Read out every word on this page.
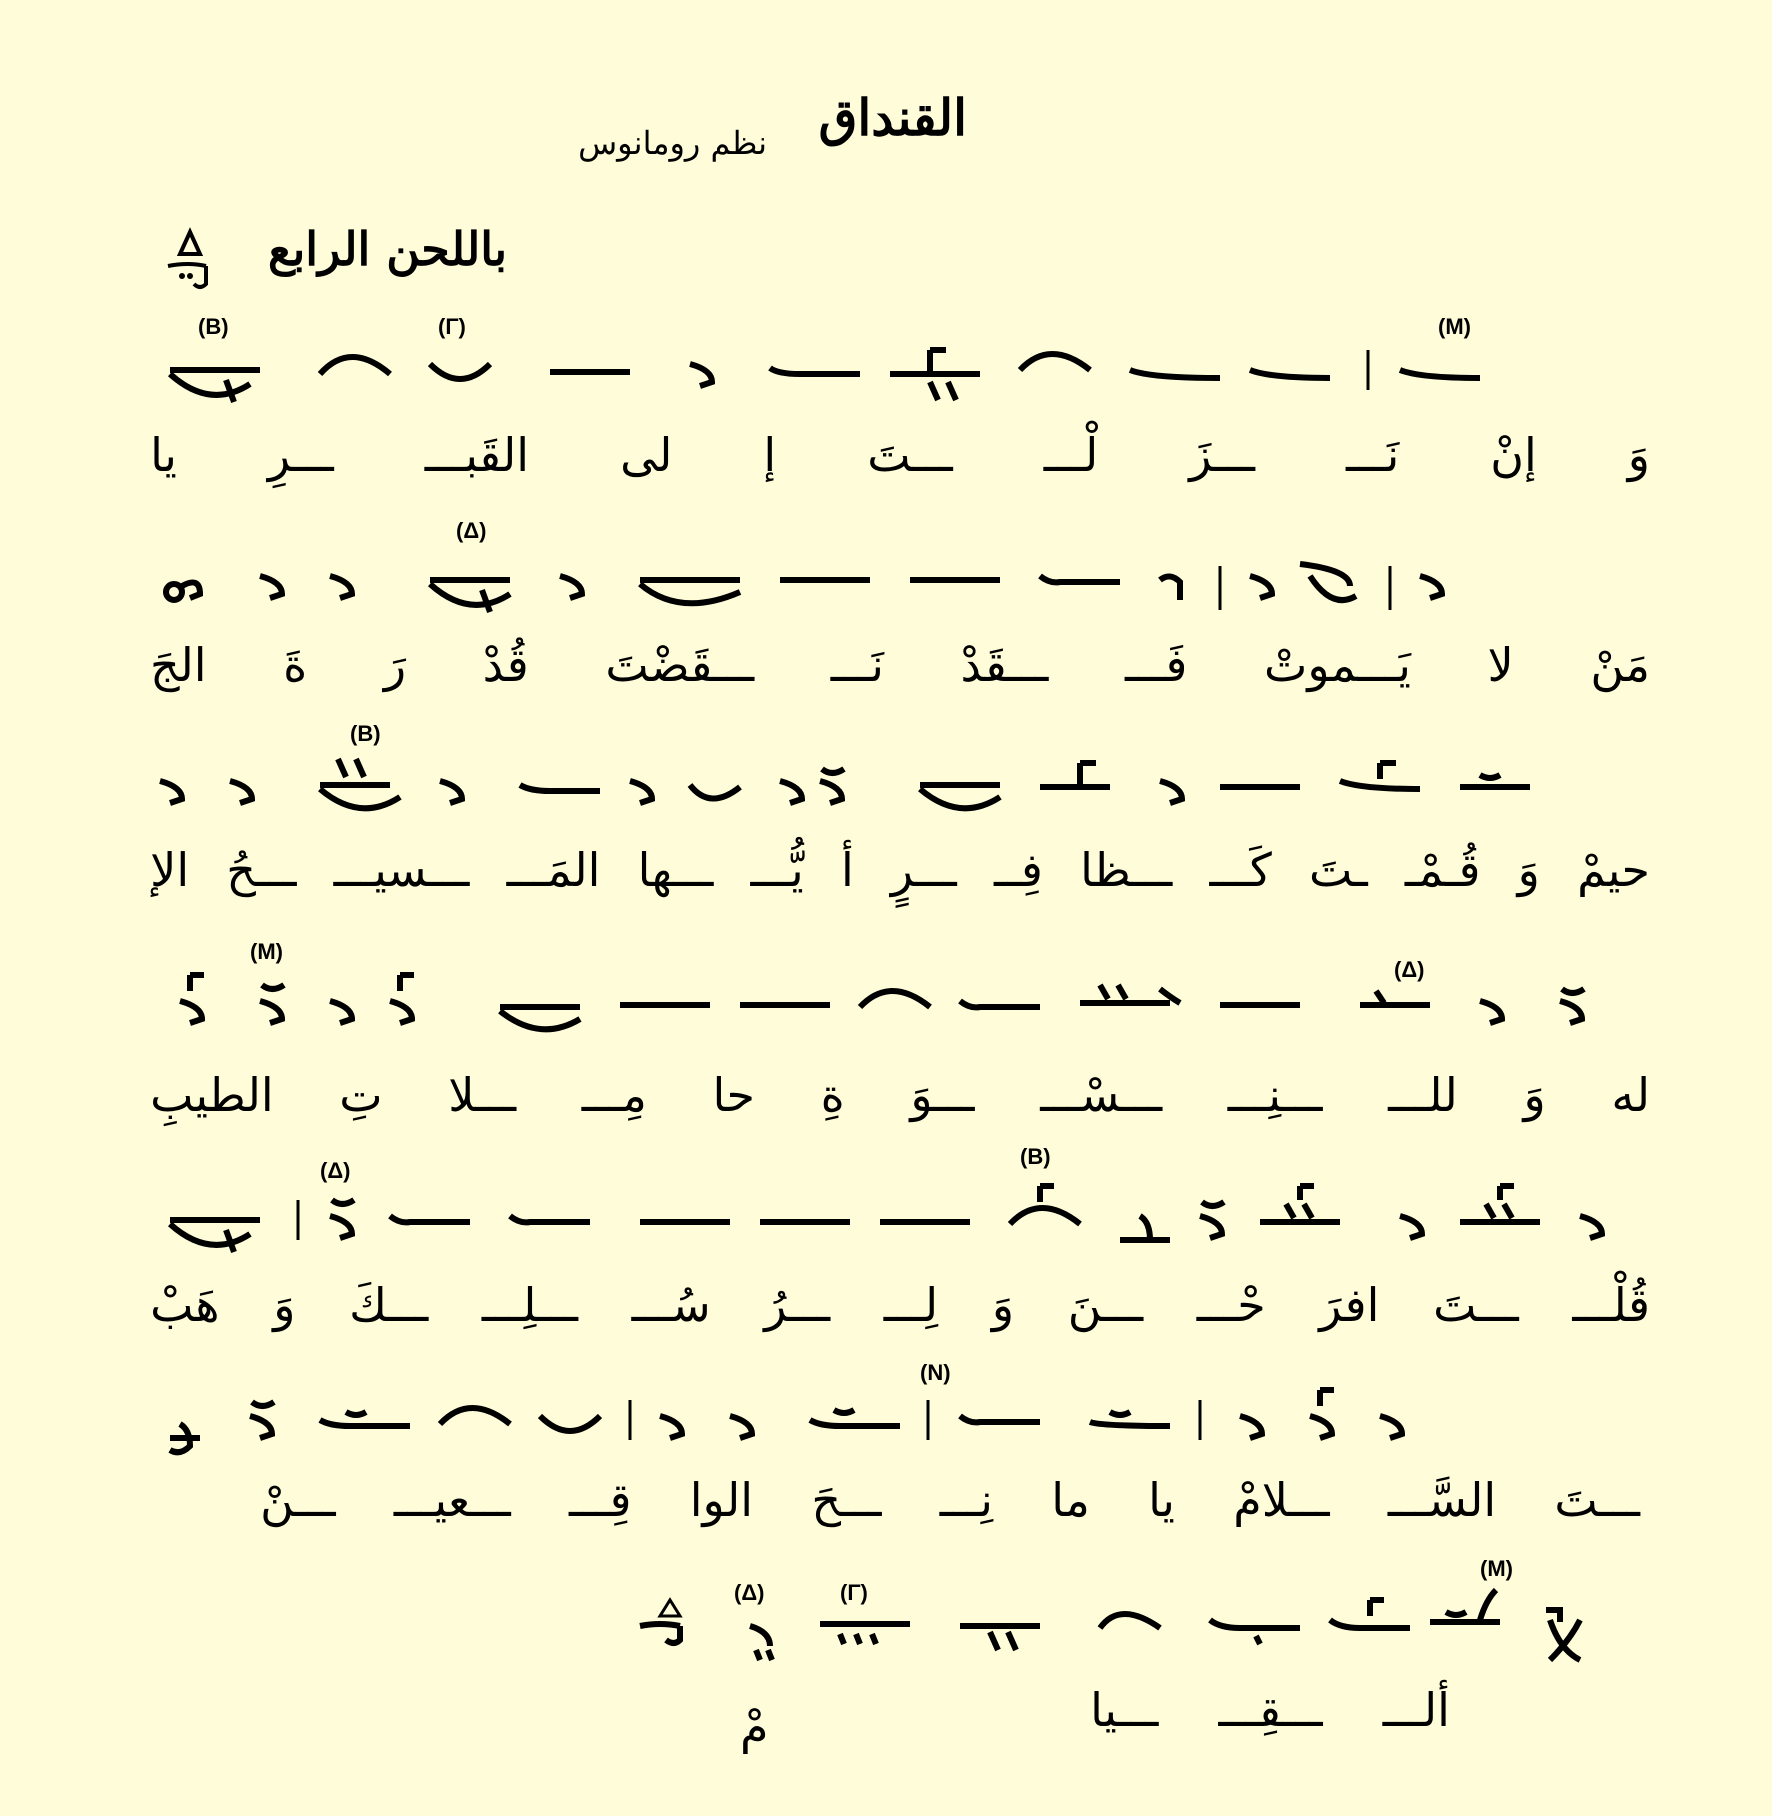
القنداق
نظم رومانوس
باللحن الرابع
(B)	(Γ)	(M)
وَ
إنْ
نَـــ
ـــزَ
لْـــ
ـــتَ
إ
لى
القَبـــ
ـــرِ
يا
(Δ)
مَنْ
لا
يَـــموتْ
فَـــ
ـــقَدْ
نَـــ
ـــقَضْتَ
قُدْ
رَ
ةَ
الجَ
(B)
حيمْ
وَ
قُـمْـ
ـتَ
كَـــ
ـــظا
فِــ
ـــرٍ
أ
يُّـــ
ـــها
المَـــ
ـــسيـــ
ـــحُ
الإ
(M)
(Δ)
له
وَ
للـــ
ـــنِـــ
ـــسْـــ
ـــوَ
ةِ
حا
مِـــ
ـــلا
تِ
الطيبِ
(Δ)
(B)
قُلْـــ
ـــتَ
افرَ
حْـــ
ـــنَ
وَ
لِـــ
ـــرُ
سُـــ
ـــلِـــ
ـــكَ
وَ
هَبْ
(N)
ـــتَ
السَّـــ
ـــلامْ
يا
ما
نِـــ
ـــحَ
الوا
قِـــ
ـــعيـــ
ـــنْ
(M)
(Γ)
(Δ)
ألـــ
ـــقِـــ
ـــيا
مْ
